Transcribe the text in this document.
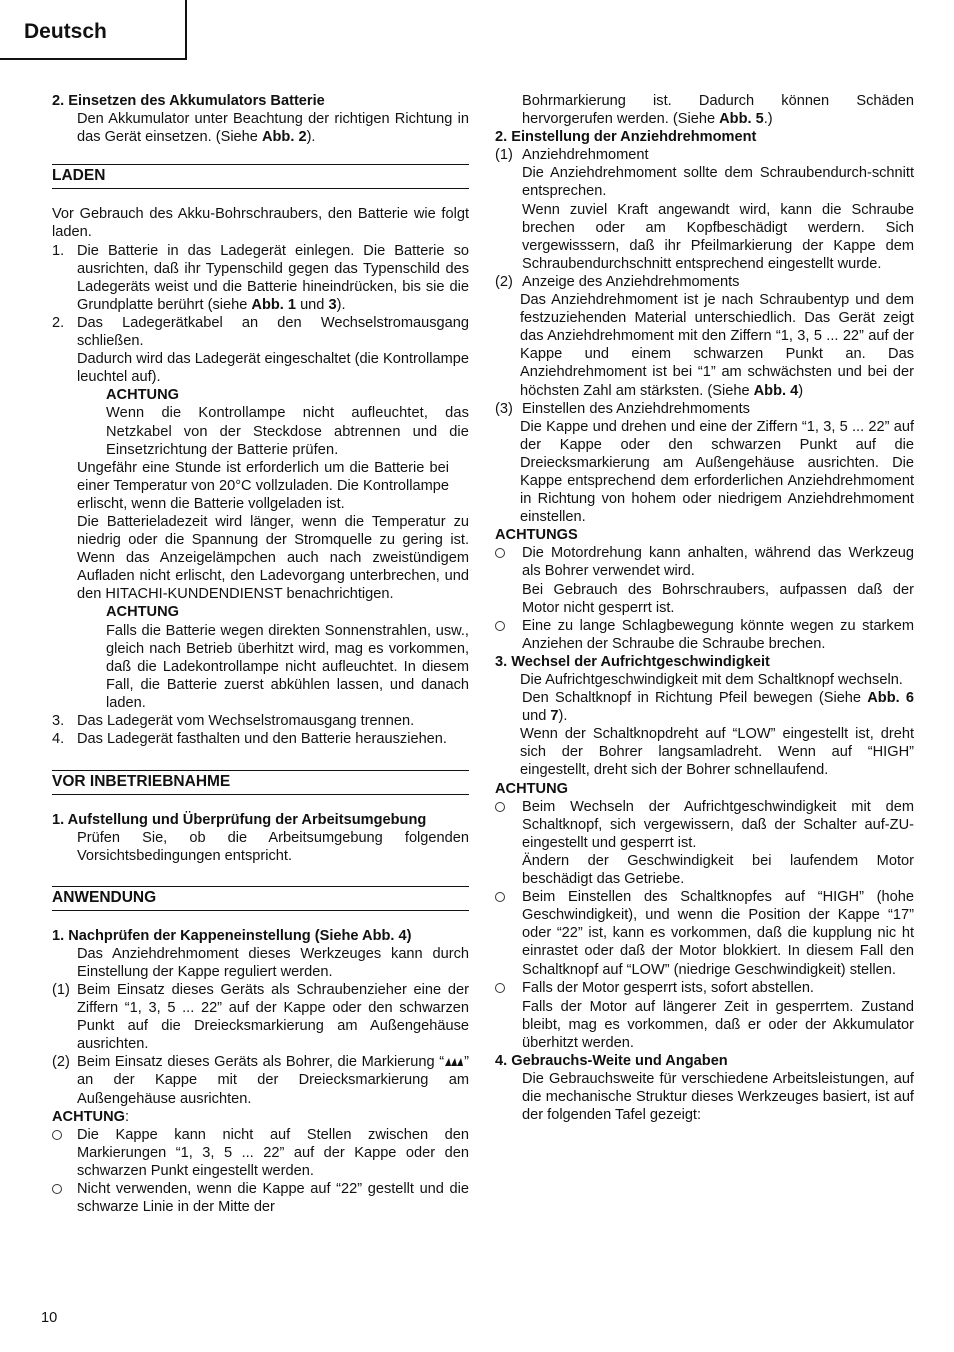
Deutsch

2. Einsetzen des Akkumulators Batterie

Den Akkumulator unter Beachtung der richtigen Richtung in das Gerät einsetzen. (Siehe Abb. 2).

LADEN

Vor Gebrauch des Akku-Bohrschraubers, den Batterie wie folgt laden.

1. Die Batterie in das Ladegerät einlegen. Die Batterie so ausrichten, daß ihr Typenschild gegen das Typenschild des Ladegeräts weist und die Batterie hineindrücken, bis sie die Grundplatte berührt (siehe Abb. 1 und 3).
2. Das Ladegerätkabel an den Wechselstromausgang schließen.

Dadurch wird das Ladegerät eingeschaltet (die Kontrollampe leuchtel auf).

ACHTUNG

Wenn die Kontrollampe nicht aufleuchtet, das Netzkabel von der Steckdose abtrennen und die Einsetzrichtung der Batterie prüfen.

Ungefähr eine Stunde ist erforderlich um die Batterie bei einer Temperatur von 20°C vollzuladen. Die Kontrollampe erlischt, wenn die Batterie vollgeladen ist.

Die Batterieladezeit wird länger, wenn die Temperatur zu niedrig oder die Spannung der Stromquelle zu gering ist. Wenn das Anzeigelämpchen auch nach zweistündigem Aufladen nicht erlischt, den Ladevorgang unterbrechen, und den HITACHI-KUNDENDIENST benachrichtigen.

ACHTUNG

Falls die Batterie wegen direkten Sonnenstrahlen, usw., gleich nach Betrieb überhitzt wird, mag es vorkommen, daß die Ladekontrollampe nicht aufleuchtet. In diesem Fall, die Batterie zuerst abkühlen lassen, und danach laden.

3. Das Ladegerät vom Wechselstromausgang trennen.
4. Das Ladegerät fasthalten und den Batterie herausziehen.
VOR INBETRIEBNAHME

1. Aufstellung und Überprüfung der Arbeitsumgebung

Prüfen Sie, ob die Arbeitsumgebung folgenden Vorsichtsbedingungen entspricht.

ANWENDUNG

1. Nachprüfen der Kappeneinstellung (Siehe Abb. 4)

Das Anziehdrehmoment dieses Werkzeuges kann durch Einstellung der Kappe reguliert werden.

(1) Beim Einsatz dieses Geräts als Schraubenzieher eine der Ziffern “1, 3, 5 ... 22” auf der Kappe oder den schwarzen Punkt auf die Dreiecksmarkierung am Außengehäuse ausrichten.
(2) Beim Einsatz dieses Geräts als Bohrer, die Markierung “ ” an der Kappe mit der Dreiecksmarkierung am Außengehäuse ausrichten.

ACHTUNG:

Die Kappe kann nicht auf Stellen zwischen den Markierungen “1, 3, 5 ... 22” auf der Kappe oder den schwarzen Punkt eingestellt werden.
Nicht verwenden, wenn die Kappe auf “22” gestellt und die schwarze Linie in der Mitte der

Bohrmarkierung ist. Dadurch können Schäden hervorgerufen werden. (Siehe Abb. 5.)

2. Einstellung der Anziehdrehmoment

(1) Anziehdrehmoment

Die Anziehdrehmoment sollte dem Schraubendurch-schnitt entsprechen.

Wenn zuviel Kraft angewandt wird, kann die Schraube brechen oder am Kopfbeschädigt werdern. Sich vergewisssern, daß ihr Pfeilmarkierung der Kappe dem Schraubendurchschnitt entsprechend eingestellt wurde.

(2) Anzeige des Anziehdrehmoments

Das Anziehdrehmoment ist je nach Schraubentyp und dem festzuziehenden Material unterschiedlich. Das Gerät zeigt das Anziehdrehmoment mit den Ziffern “1, 3, 5 ... 22” auf der Kappe und einem schwarzen Punkt an. Das Anziehdrehmoment ist bei “1” am schwächsten und bei der höchsten Zahl am stärksten. (Siehe Abb. 4)

(3) Einstellen des Anziehdrehmoments

Die Kappe und drehen und eine der Ziffern “1, 3, 5 ... 22” auf der Kappe oder den schwarzen Punkt auf die Dreiecksmarkierung am Außengehäuse ausrichten. Die Kappe entsprechend dem erforderlichen Anziehdrehmoment in Richtung von hohem oder niedrigem Anziehdrehmoment einstellen.

ACHTUNGS

Die Motordrehung kann anhalten, während das Werkzeug als Bohrer verwendet wird.

Bei Gebrauch des Bohrschraubers, aufpassen daß der Motor nicht gesperrt ist.

Eine zu lange Schlagbewegung könnte wegen zu starkem Anziehen der Schraube die Schraube brechen.

3. Wechsel der Aufrichtgeschwindigkeit

Die Aufrichtgeschwindigkeit mit dem Schaltknopf wechseln.

Den Schaltknopf in Richtung Pfeil bewegen (Siehe Abb. 6 und 7).

Wenn der Schaltknopdreht auf “LOW” eingestellt ist, dreht sich der Bohrer langsamladreht. Wenn auf “HIGH” eingestellt, dreht sich der Bohrer schnellaufend.

ACHTUNG

Beim Wechseln der Aufrichtgeschwindigkeit mit dem Schaltknopf, sich vergewissern, daß der Schalter auf-ZU-eingestellt und gesperrt ist.

Ändern der Geschwindigkeit bei laufendem Motor beschädigt das Getriebe.

Beim Einstellen des Schaltknopfes auf “HIGH” (hohe Geschwindigkeit), und wenn die Position der Kappe “17” oder “22” ist, kann es vorkommen, daß die kupplung nic ht einrastet oder daß der Motor blokkiert. In diesem Fall den Schaltknopf auf “LOW” (niedrige Geschwindigkeit) stellen.
Falls der Motor gesperrt ists, sofort abstellen.

Falls der Motor auf längerer Zeit in gesperrtem. Zustand bleibt, mag es vorkommen, daß er oder der Akkumulator überhitzt werden.

4. Gebrauchs-Weite und Angaben

Die Gebrauchsweite für verschiedene Arbeitsleistungen, auf die mechanische Struktur dieses Werkzeuges basiert, ist auf der folgenden Tafel gezeigt:

10
